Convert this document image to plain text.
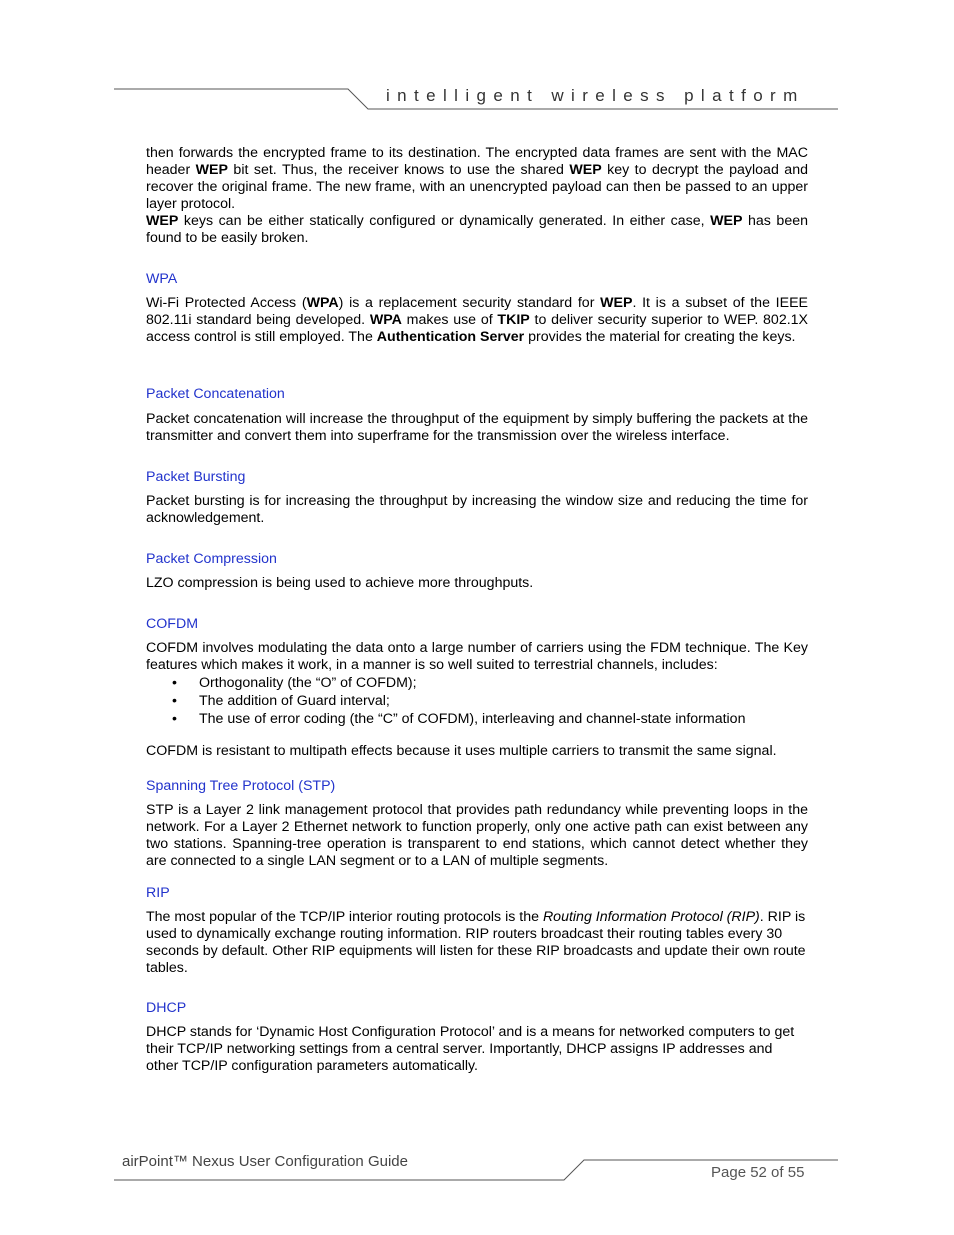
intelligent wireless platform

then forwards the encrypted frame to its destination. The encrypted data frames are sent with the MAC header WEP bit set. Thus, the receiver knows to use the shared WEP key to decrypt the payload and recover the original frame. The new frame, with an unencrypted payload can then be passed to an upper layer protocol.

WEP keys can be either statically configured or dynamically generated. In either case, WEP has been found to be easily broken.

WPA

Wi-Fi Protected Access (WPA) is a replacement security standard for WEP. It is a subset of the IEEE 802.11i standard being developed. WPA makes use of TKIP to deliver security superior to WEP. 802.1X access control is still employed. The Authentication Server provides the material for creating the keys.

Packet Concatenation

Packet concatenation will increase the throughput of the equipment by simply buffering the packets at the transmitter and convert them into superframe for the transmission over the wireless interface.

Packet Bursting

Packet bursting is for increasing the throughput by increasing the window size and reducing the time for acknowledgement.

Packet Compression

LZO compression is being used to achieve more throughputs.

COFDM

COFDM involves modulating the data onto a large number of carriers using the FDM technique. The Key features which makes it work, in a manner is so well suited to terrestrial channels, includes:

• Orthogonality (the “O” of COFDM);
• The addition of Guard interval;
• The use of error coding (the “C” of COFDM), interleaving and channel-state information

COFDM is resistant to multipath effects because it uses multiple carriers to transmit the same signal.

Spanning Tree Protocol (STP)

STP is a Layer 2 link management protocol that provides path redundancy while preventing loops in the network. For a Layer 2 Ethernet network to function properly, only one active path can exist between any two stations. Spanning-tree operation is transparent to end stations, which cannot detect whether they are connected to a single LAN segment or to a LAN of multiple segments.

RIP

The most popular of the TCP/IP interior routing protocols is the Routing Information Protocol (RIP). RIP is used to dynamically exchange routing information. RIP routers broadcast their routing tables every 30 seconds by default. Other RIP equipments will listen for these RIP broadcasts and update their own route tables.

DHCP

DHCP stands for ‘Dynamic Host Configuration Protocol’ and is a means for networked computers to get their TCP/IP networking settings from a central server. Importantly, DHCP assigns IP addresses and other TCP/IP configuration parameters automatically.

airPoint™ Nexus User Configuration Guide
Page 52 of 55
